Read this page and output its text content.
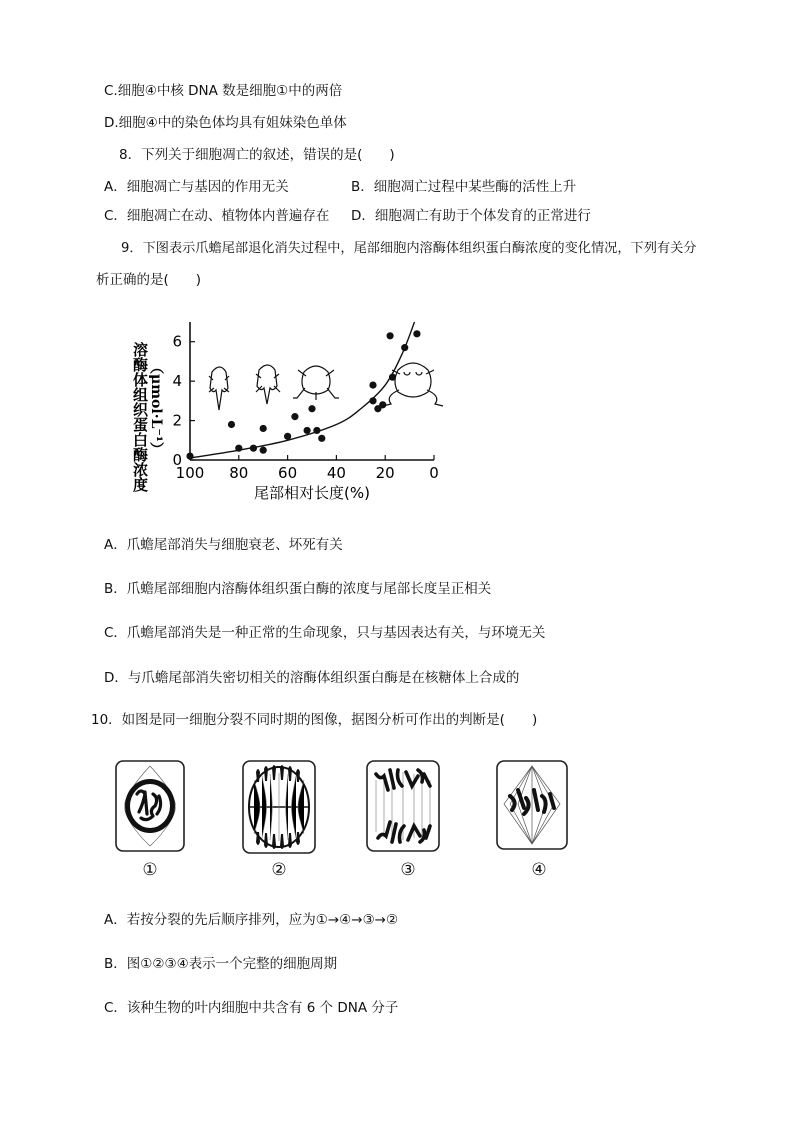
C.细胞④中核 DNA 数是细胞①中的两倍
D.细胞④中的染色体均具有姐妹染色单体
8．下列关于细胞凋亡的叙述，错误的是(　　)
A．细胞凋亡与基因的作用无关	B．细胞凋亡过程中某些酶的活性上升
C．细胞凋亡在动、植物体内普遍存在 D．细胞凋亡有助于个体发育的正常进行
9．下图表示爪蟾尾部退化消失过程中，尾部细胞内溶酶体组织蛋白酶浓度的变化情况，下列有关分
析正确的是(　　)
溶酶体组织蛋白酶浓度 （μmol·L⁻¹）
0
2
4
6
100 80 60 40 20 0
尾部相对长度(%)
A．爪蟾尾部消失与细胞衰老、坏死有关
B．爪蟾尾部细胞内溶酶体组织蛋白酶的浓度与尾部长度呈正相关
C．爪蟾尾部消失是一种正常的生命现象，只与基因表达有关，与环境无关
D．与爪蟾尾部消失密切相关的溶酶体组织蛋白酶是在核糖体上合成的
10．如图是同一细胞分裂不同时期的图像，据图分析可作出的判断是(　　)
①	②	③	④
A．若按分裂的先后顺序排列，应为①→④→③→②
B．图①②③④表示一个完整的细胞周期
C．该种生物的叶内细胞中共含有 6 个 DNA 分子
